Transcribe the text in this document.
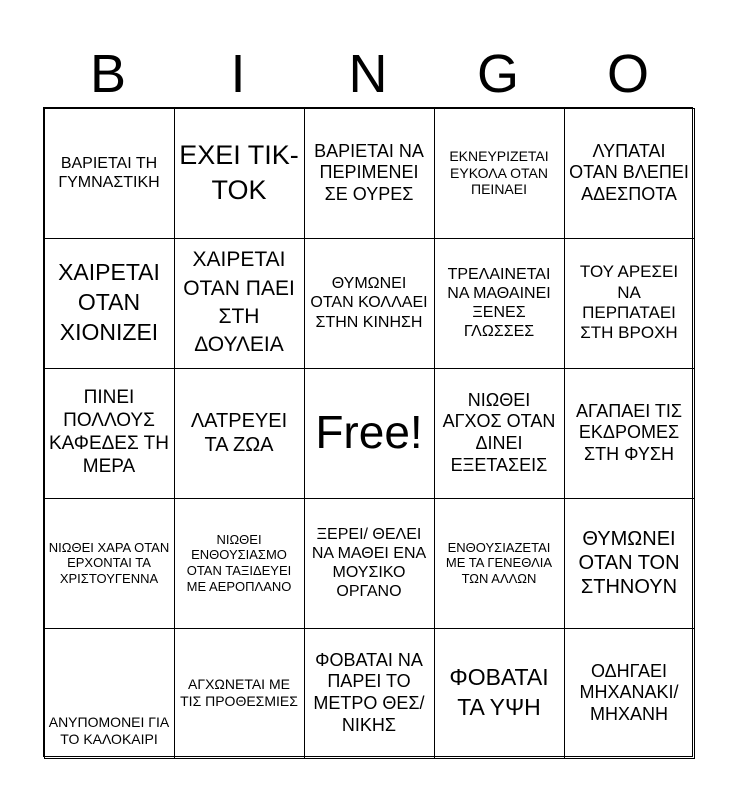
B	I	N	G	O
ΒΑΡΙΕΤΑΙ ΤΗ ΓΥΜΝΑΣΤΙΚΗ
ΕΧΕΙ ΤΙΚ-ΤΟΚ
ΒΑΡΙΕΤΑΙ ΝΑ ΠΕΡΙΜΕΝΕΙ ΣΕ ΟΥΡΕΣ
ΕΚΝΕΥΡΙΖΕΤΑΙ ΕΥΚΟΛΑ ΟΤΑΝ ΠΕΙΝΑΕΙ
ΛΥΠΑΤΑΙ ΟΤΑΝ ΒΛΕΠΕΙ ΑΔΕΣΠΟΤΑ
ΧΑΙΡΕΤΑΙ ΟΤΑΝ ΧΙΟΝΙΖΕΙ
ΧΑΙΡΕΤΑΙ ΟΤΑΝ ΠΑΕΙ ΣΤΗ ΔΟΥΛΕΙΑ
ΘΥΜΩΝΕΙ ΟΤΑΝ ΚΟΛΛΑΕΙ ΣΤΗΝ ΚΙΝΗΣΗ
ΤΡΕΛΑΙΝΕΤΑΙ ΝΑ ΜΑΘΑΙΝΕΙ ΞΕΝΕΣ ΓΛΩΣΣΕΣ
ΤΟΥ ΑΡΕΣΕΙ ΝΑ ΠΕΡΠΑΤΑΕΙ ΣΤΗ ΒΡΟΧΗ
ΠΙΝΕΙ ΠΟΛΛΟΥΣ ΚΑΦΕΔΕΣ ΤΗ ΜΕΡΑ
ΛΑΤΡΕΥΕΙ ΤΑ ΖΩΑ Free!
ΝΙΩΘΕΙ ΑΓΧΟΣ ΟΤΑΝ ΔΙΝΕΙ ΕΞΕΤΑΣΕΙΣ
ΑΓΑΠΑΕΙ ΤΙΣ ΕΚΔΡΟΜΕΣ ΣΤΗ ΦΥΣΗ
ΝΙΩΘΕΙ ΧΑΡΑ ΟΤΑΝ ΕΡΧΟΝΤΑΙ ΤΑ ΧΡΙΣΤΟΥΓΕΝΝΑ
ΝΙΩΘΕΙ ΕΝΘΟΥΣΙΑΣΜΟ ΟΤΑΝ ΤΑΞΙΔΕΥΕΙ ΜΕ ΑΕΡΟΠΛΑΝΟ
ΞΕΡΕΙ/ ΘΕΛΕΙ ΝΑ ΜΑΘΕΙ ΕΝΑ ΜΟΥΣΙΚΟ ΟΡΓΑΝΟ
ΕΝΘΟΥΣΙΑΖΕΤΑΙ ΜΕ ΤΑ ΓΕΝΕΘΛΙΑ ΤΩΝ ΑΛΛΩΝ
ΘΥΜΩΝΕΙ ΟΤΑΝ ΤΟΝ ΣΤΗΝΟΥΝ
ΑΝΥΠΟΜΟΝΕΙ ΓΙΑ ΤΟ ΚΑΛΟΚΑΙΡΙ
ΑΓΧΩΝΕΤΑΙ ΜΕ ΤΙΣ ΠΡΟΘΕΣΜΙΕΣ
ΦΟΒΑΤΑΙ ΝΑ ΠΑΡΕΙ ΤΟ ΜΕΤΡΟ ΘΕΣ/ΝΙΚΗΣ
ΦΟΒΑΤΑΙ ΤΑ ΥΨΗ
ΟΔΗΓΑΕΙ ΜΗΧΑΝΑΚΙ/ ΜΗΧΑΝΗ
